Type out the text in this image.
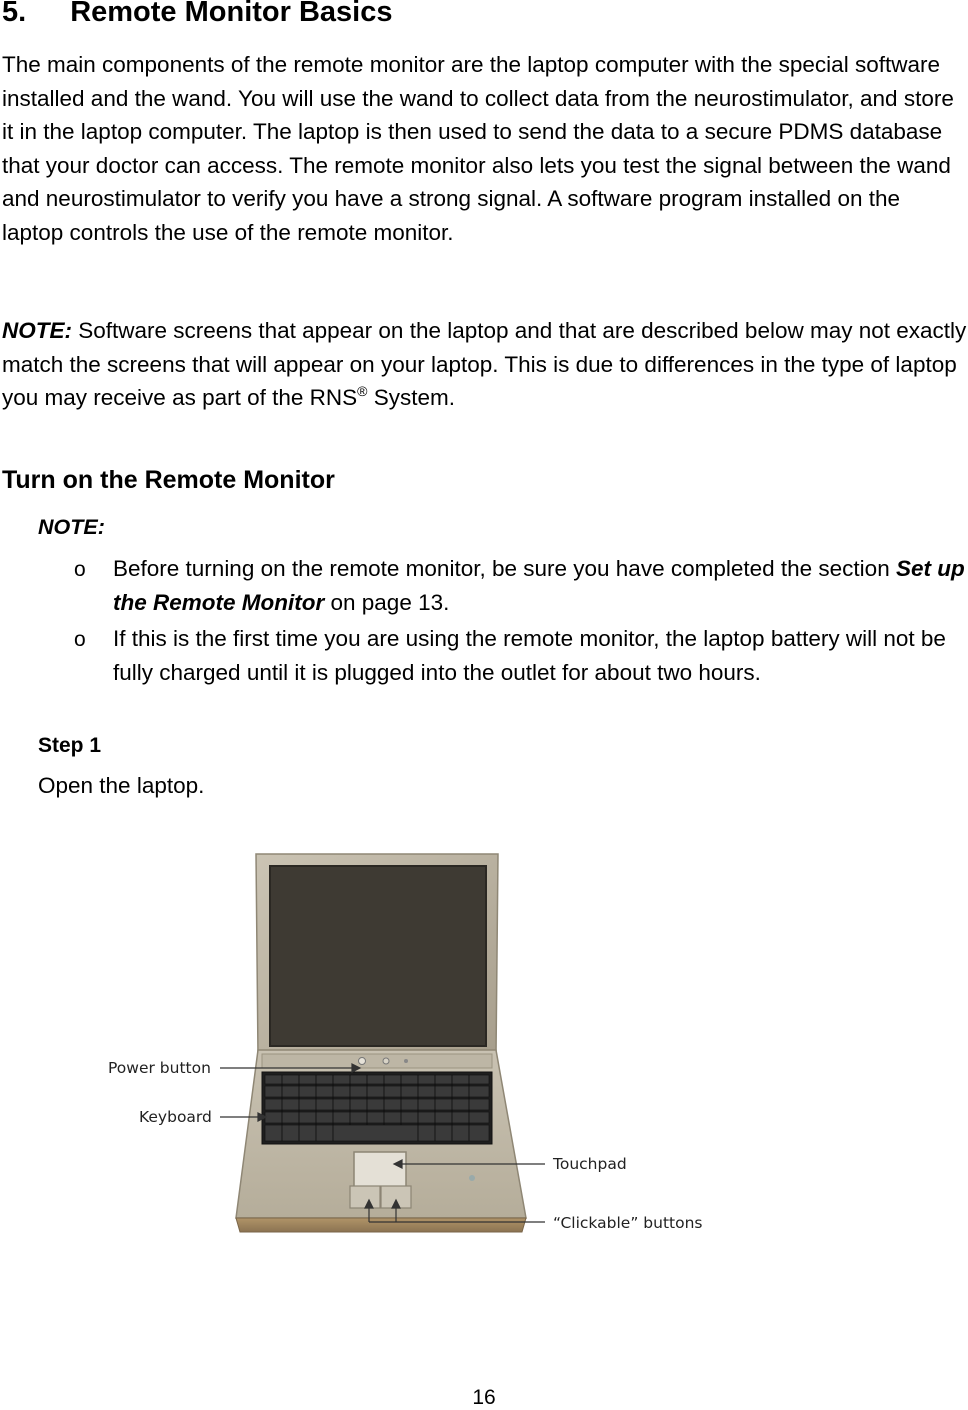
5. Remote Monitor Basics

The main components of the remote monitor are the laptop computer with the special software installed and the wand. You will use the wand to collect data from the neurostimulator, and store it in the laptop computer. The laptop is then used to send the data to a secure PDMS database that your doctor can access. The remote monitor also lets you test the signal between the wand and neurostimulator to verify you have a strong signal. A software program installed on the laptop controls the use of the remote monitor.

NOTE: Software screens that appear on the laptop and that are described below may not exactly match the screens that will appear on your laptop. This is due to differences in the type of laptop you may receive as part of the RNS® System.

Turn on the Remote Monitor
NOTE:
o Before turning on the remote monitor, be sure you have completed the section Set up the Remote Monitor on page 13.

o If this is the first time you are using the remote monitor, the laptop battery will not be fully charged until it is plugged into the outlet for about two hours.

Step 1
Open the laptop.
Power button
Keyboard
Touchpad
“Clickable” buttons
16
